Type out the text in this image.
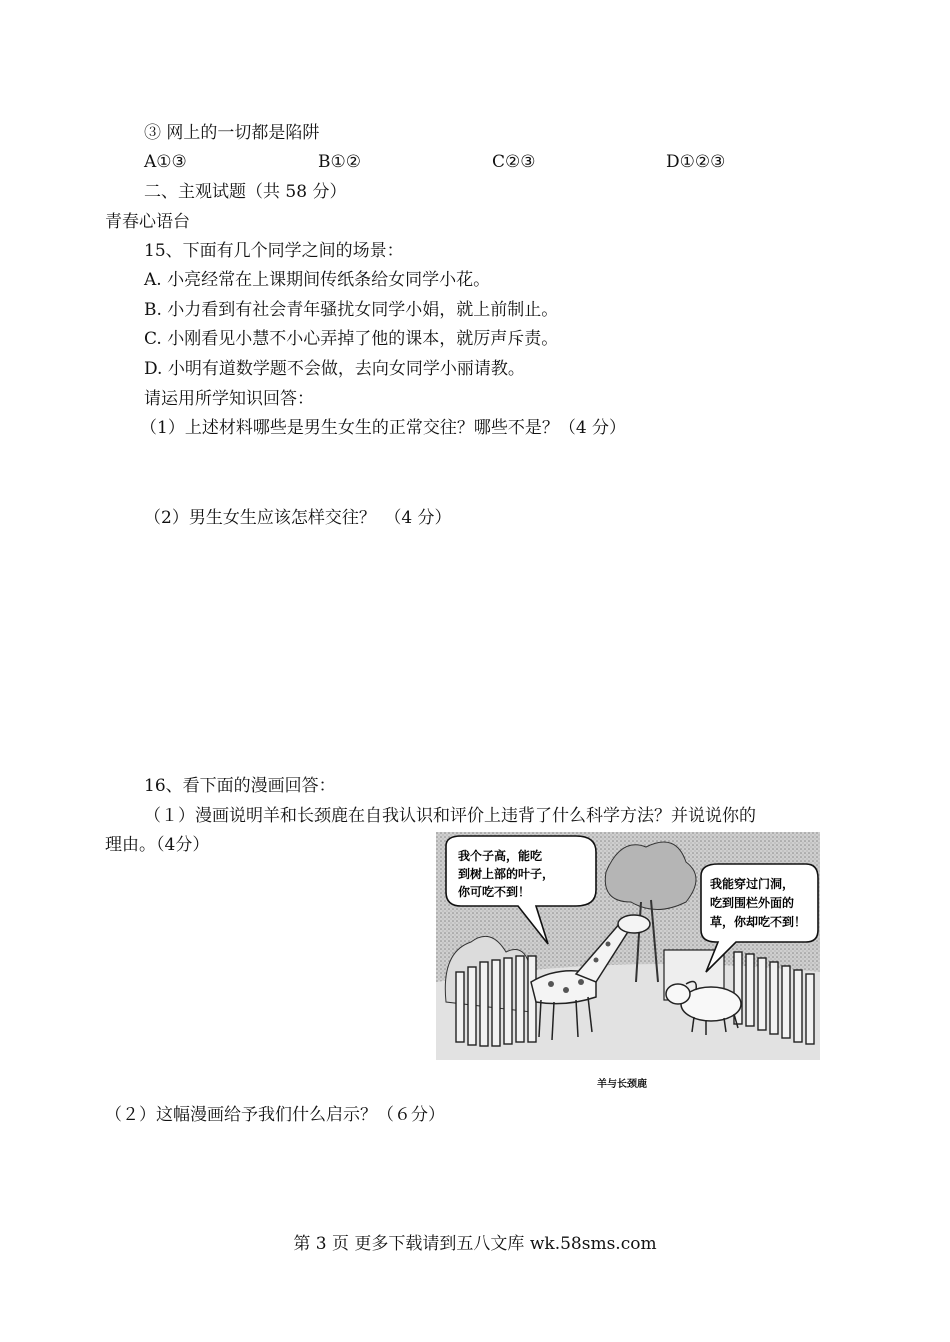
③ 网上的一切都是陷阱
A①③	B①②	C②③	D①②③
二、主观试题（共 58 分）
青春心语台
15、下面有几个同学之间的场景：
A. 小亮经常在上课期间传纸条给女同学小花。
B. 小力看到有社会青年骚扰女同学小娟，就上前制止。
C. 小刚看见小慧不小心弄掉了他的课本，就厉声斥责。
D. 小明有道数学题不会做，去向女同学小丽请教。
请运用所学知识回答：
（1）上述材料哪些是男生女生的正常交往？哪些不是？（4 分）
（2）男生女生应该怎样交往？　（4 分）
16、看下面的漫画回答：
（１）漫画说明羊和长颈鹿在自我认识和评价上违背了什么科学方法？并说说你的
理由。（4分）
我个子高，能吃
到树上部的叶子，
你可吃不到！
我能穿过门洞，
吃到围栏外面的
草，你却吃不到！
羊与长颈鹿
（２）这幅漫画给予我们什么启示？（６分）
第 3 页 更多下载请到五八文库 wk.58sms.com
